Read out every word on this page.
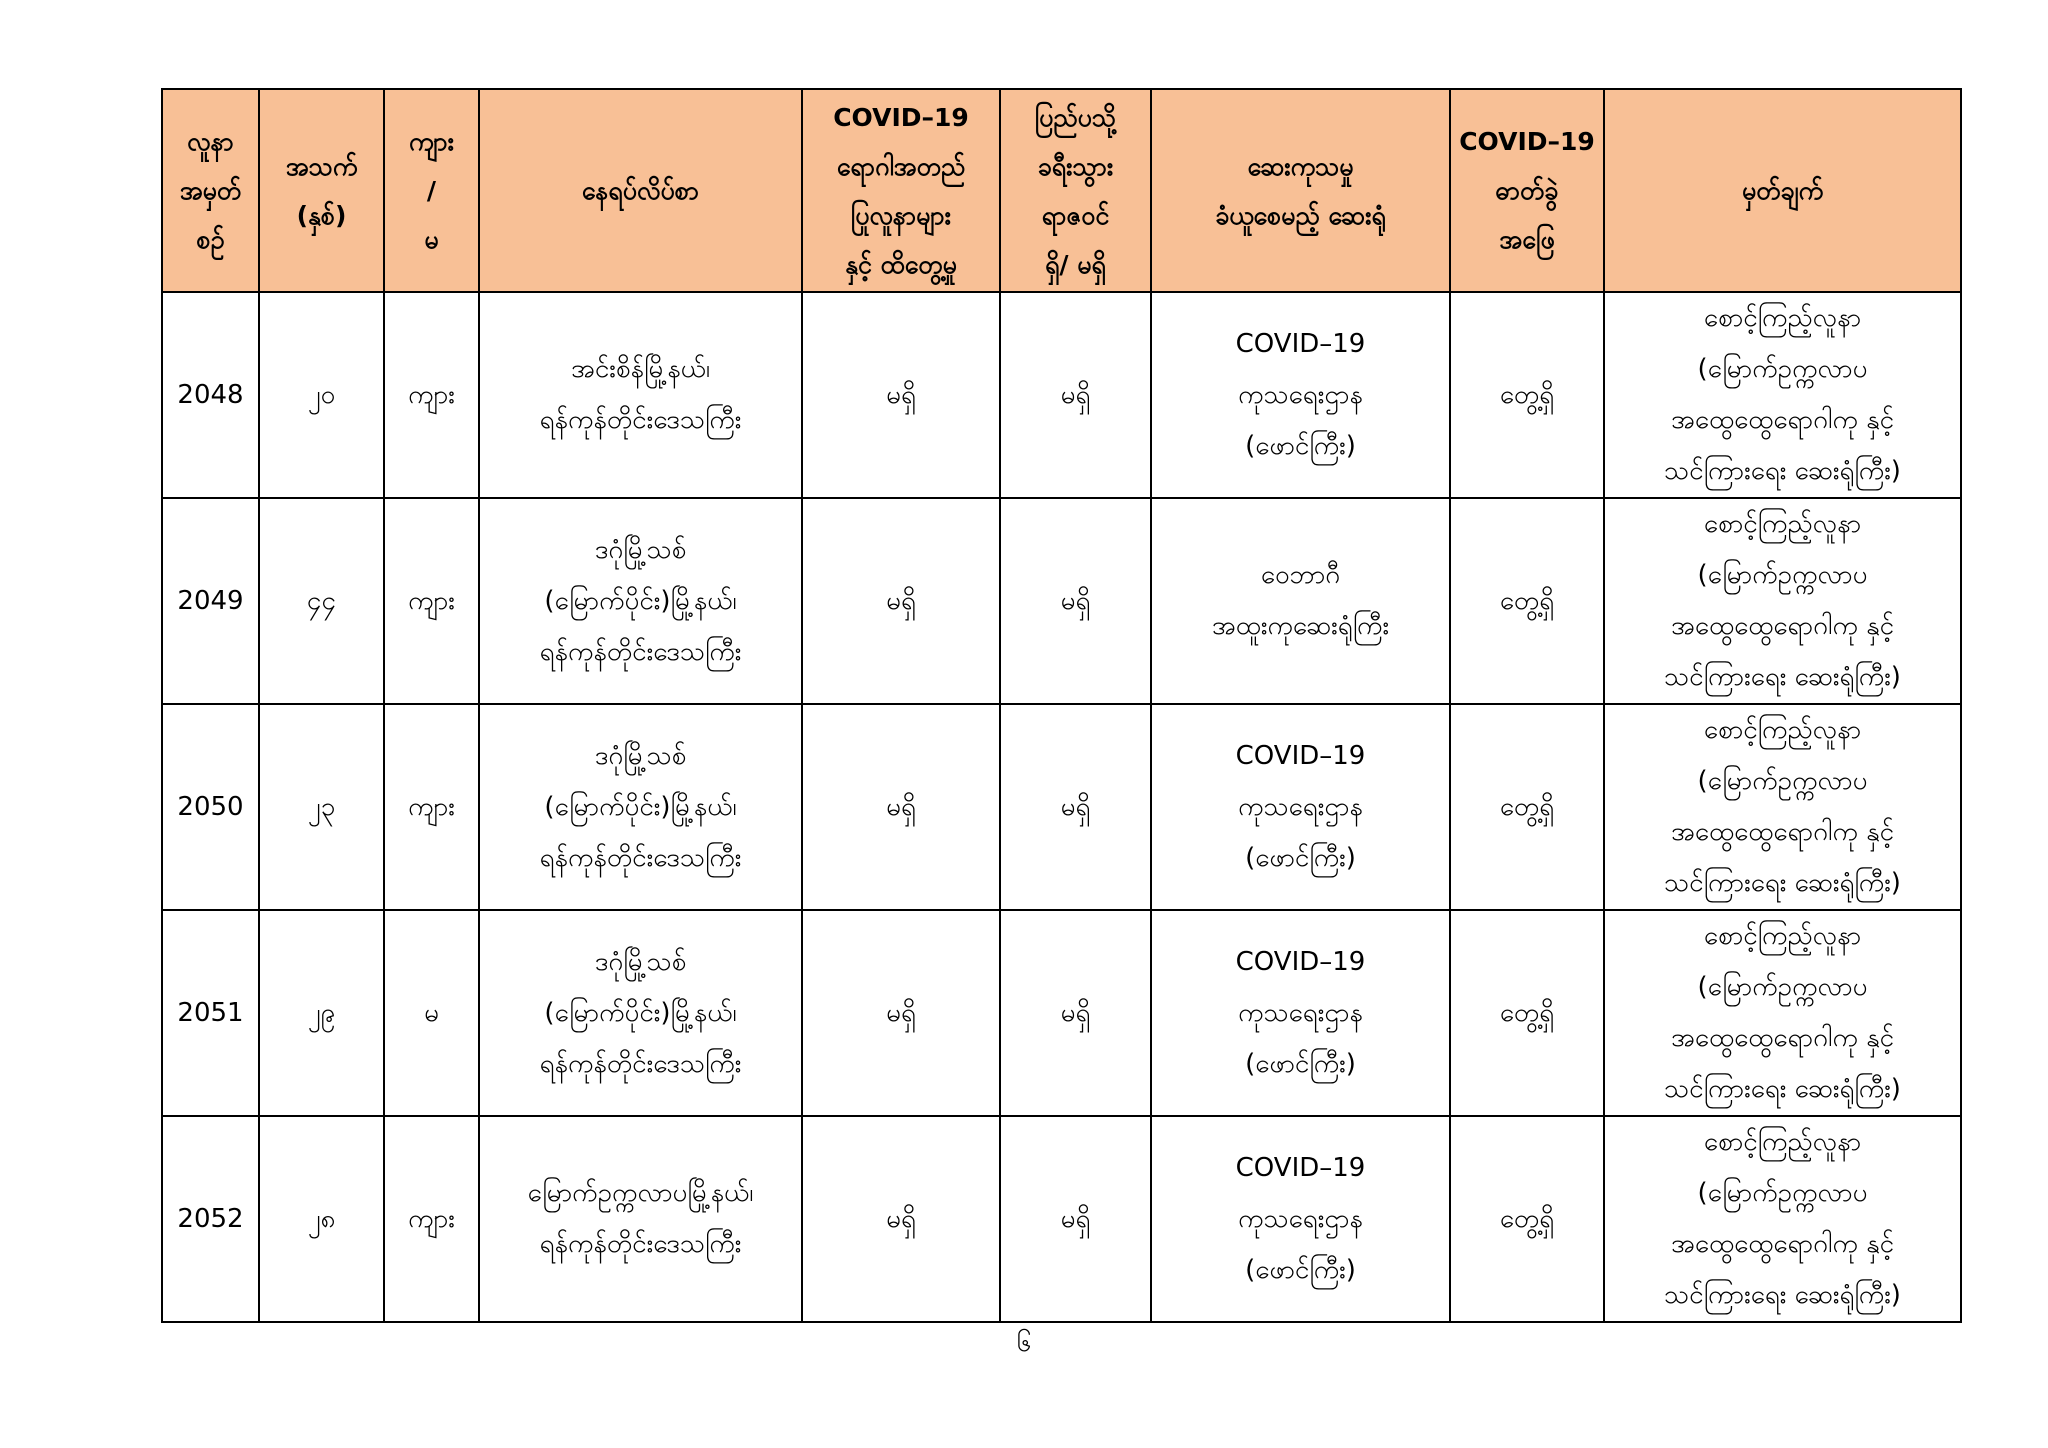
လူနာ
အမှတ်
စဉ်	အသက်
(နှစ်)	ကျား
/
မ	နေရပ်လိပ်စာ	COVID–19
ရောဂါအတည်
ပြုလူနာများ
နှင့် ထိတွေ့မှု	ပြည်ပသို့
ခရီးသွား
ရာဇဝင်
ရှိ/ မရှိ	ဆေးကုသမှု
ခံယူစေမည့် ဆေးရုံ	COVID–19
ဓာတ်ခွဲ
အဖြေ	မှတ်ချက်
2048	၂၀	ကျား	အင်းစိန်မြို့နယ်၊
ရန်ကုန်တိုင်းဒေသကြီး	မရှိ	မရှိ	COVID–19
ကုသရေးဌာန
(ဖောင်ကြီး)	တွေ့ရှိ	စောင့်ကြည့်လူနာ
(မြောက်ဥက္ကလာပ
အထွေထွေရောဂါကု နှင့်
သင်ကြားရေး ဆေးရုံကြီး)
2049	၄၄	ကျား	ဒဂုံမြို့သစ်
(မြောက်ပိုင်း)မြို့နယ်၊
ရန်ကုန်တိုင်းဒေသကြီး	မရှိ	မရှိ	ဝေဘာဂီ
အထူးကုဆေးရုံကြီး	တွေ့ရှိ	စောင့်ကြည့်လူနာ
(မြောက်ဥက္ကလာပ
အထွေထွေရောဂါကု နှင့်
သင်ကြားရေး ဆေးရုံကြီး)
2050	၂၃	ကျား	ဒဂုံမြို့သစ်
(မြောက်ပိုင်း)မြို့နယ်၊
ရန်ကုန်တိုင်းဒေသကြီး	မရှိ	မရှိ	COVID–19
ကုသရေးဌာန
(ဖောင်ကြီး)	တွေ့ရှိ	စောင့်ကြည့်လူနာ
(မြောက်ဥက္ကလာပ
အထွေထွေရောဂါကု နှင့်
သင်ကြားရေး ဆေးရုံကြီး)
2051	၂၉	မ	ဒဂုံမြို့သစ်
(မြောက်ပိုင်း)မြို့နယ်၊
ရန်ကုန်တိုင်းဒေသကြီး	မရှိ	မရှိ	COVID–19
ကုသရေးဌာန
(ဖောင်ကြီး)	တွေ့ရှိ	စောင့်ကြည့်လူနာ
(မြောက်ဥက္ကလာပ
အထွေထွေရောဂါကု နှင့်
သင်ကြားရေး ဆေးရုံကြီး)
2052	၂၈	ကျား	မြောက်ဥက္ကလာပမြို့နယ်၊
ရန်ကုန်တိုင်းဒေသကြီး	မရှိ	မရှိ	COVID–19
ကုသရေးဌာန
(ဖောင်ကြီး)	တွေ့ရှိ	စောင့်ကြည့်လူနာ
(မြောက်ဥက္ကလာပ
အထွေထွေရောဂါကု နှင့်
သင်ကြားရေး ဆေးရုံကြီး)
၆
